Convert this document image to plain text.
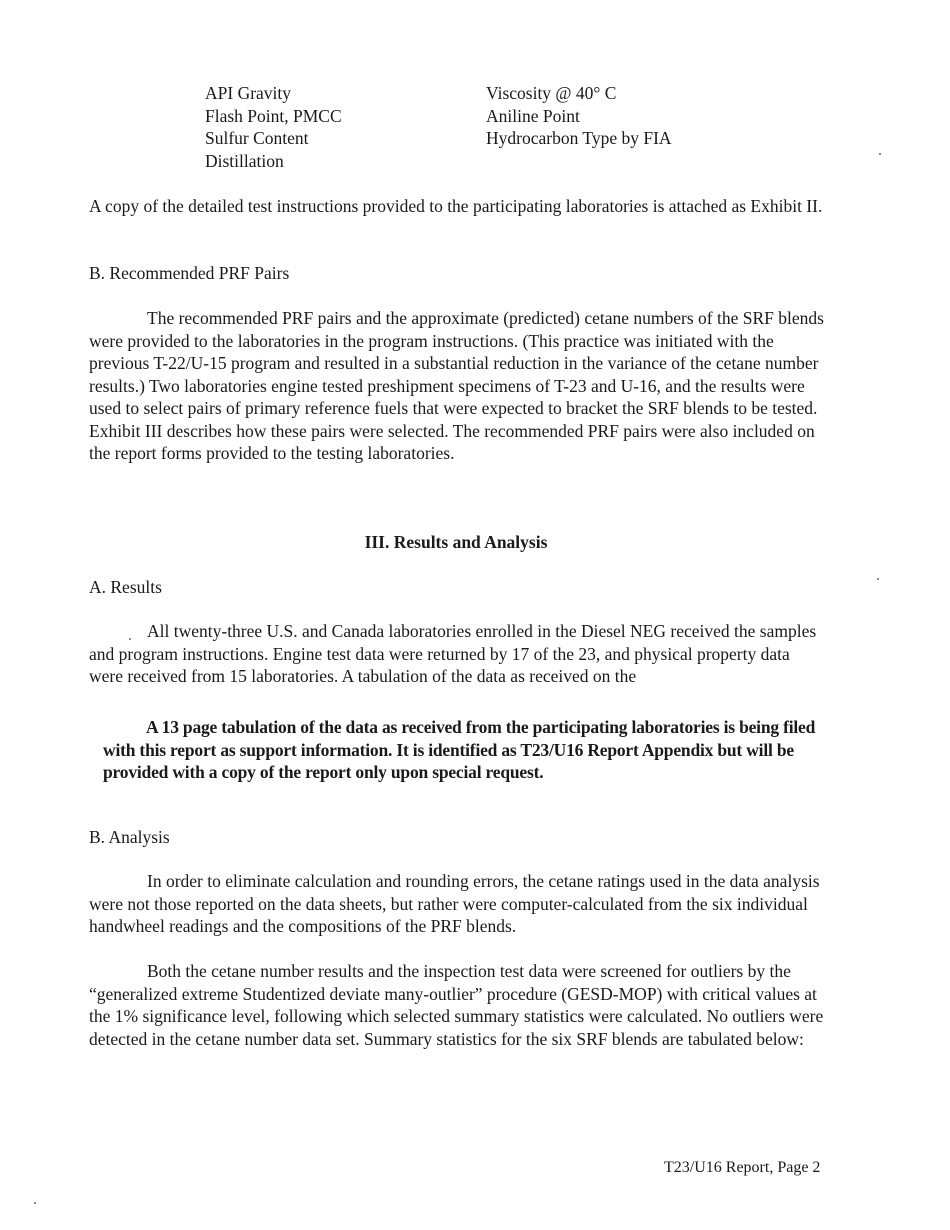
API Gravity
Flash Point, PMCC
Sulfur Content
Distillation
Viscosity @ 40° C
Aniline Point
Hydrocarbon Type by FIA

A copy of the detailed test instructions provided to the participating laboratories is attached as Exhibit II.

B. Recommended PRF Pairs

The recommended PRF pairs and the approximate (predicted) cetane numbers of the SRF blends were provided to the laboratories in the program instructions. (This practice was initiated with the previous T-22/U-15 program and resulted in a substantial reduction in the variance of the cetane number results.) Two laboratories engine tested preshipment specimens of T-23 and U-16, and the results were used to select pairs of primary reference fuels that were expected to bracket the SRF blends to be tested. Exhibit III describes how these pairs were selected. The recommended PRF pairs were also included on the report forms provided to the testing laboratories.

III. Results and Analysis

A. Results

All twenty-three U.S. and Canada laboratories enrolled in the Diesel NEG received the samples and program instructions. Engine test data were returned by 17 of the 23, and physical property data were received from 15 laboratories. A tabulation of the data as received on the

A 13 page tabulation of the data as received from the participating laboratories is being filed with this report as support information. It is identified as T23/U16 Report Appendix but will be provided with a copy of the report only upon special request.

B. Analysis

In order to eliminate calculation and rounding errors, the cetane ratings used in the data analysis were not those reported on the data sheets, but rather were computer-calculated from the six individual handwheel readings and the compositions of the PRF blends.

Both the cetane number results and the inspection test data were screened for outliers by the “generalized extreme Studentized deviate many-outlier” procedure (GESD-MOP) with critical values at the 1% significance level, following which selected summary statistics were calculated. No outliers were detected in the cetane number data set. Summary statistics for the six SRF blends are tabulated below:

T23/U16 Report, Page 2
